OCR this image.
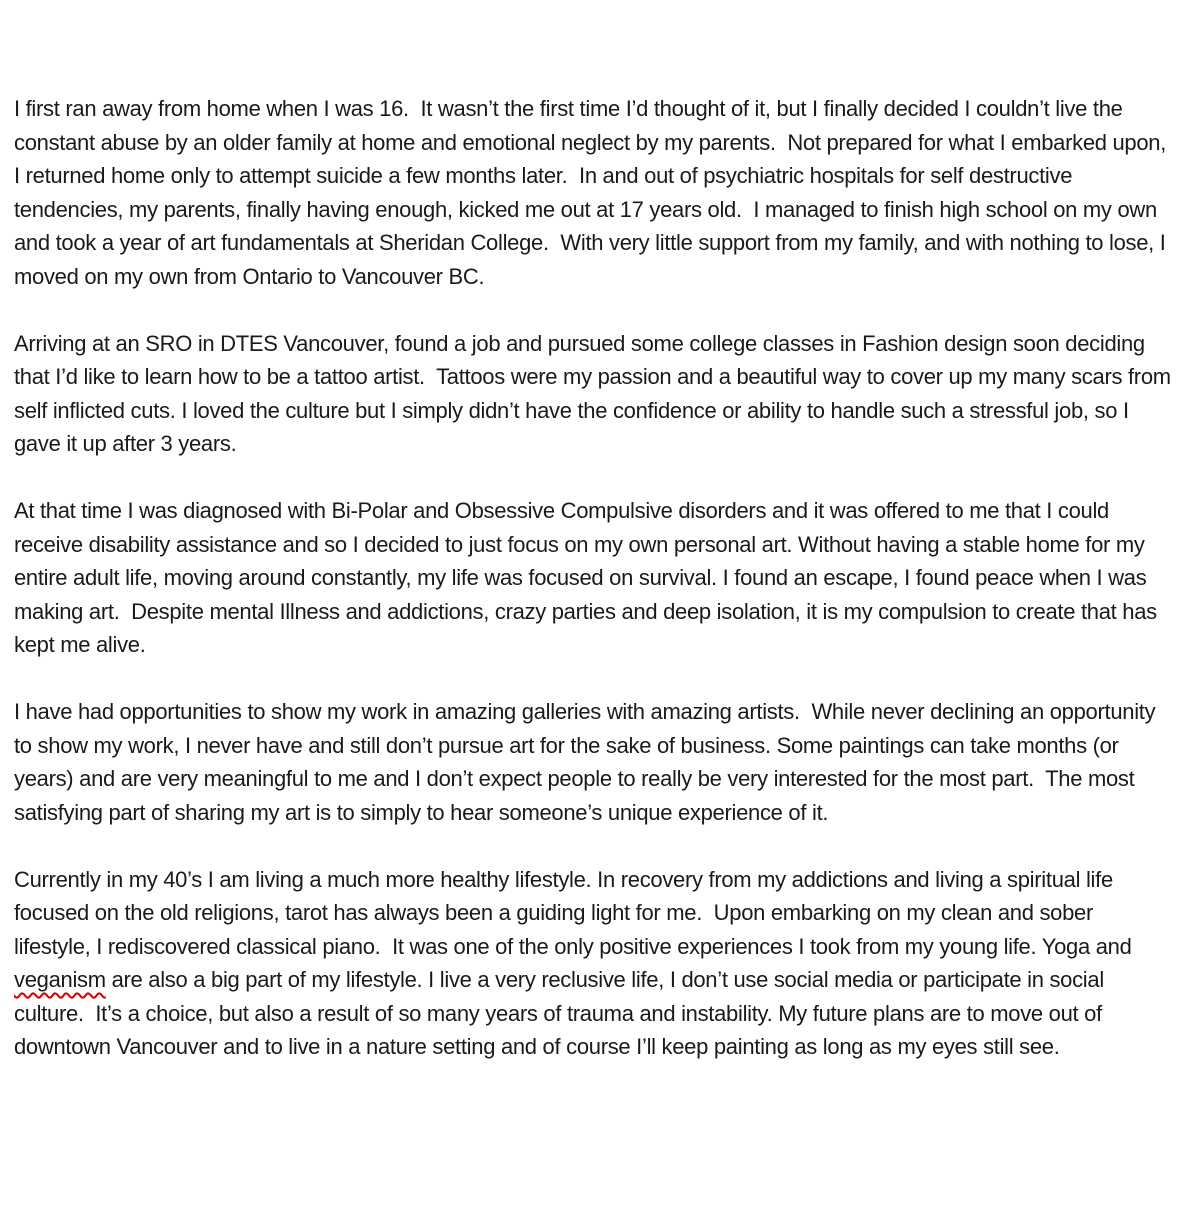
I first ran away from home when I was 16.  It wasn’t the first time I’d thought of it, but I finally decided I couldn’t live the constant abuse by an older family at home and emotional neglect by my parents.  Not prepared for what I embarked upon, I returned home only to attempt suicide a few months later.  In and out of psychiatric hospitals for self destructive tendencies, my parents, finally having enough, kicked me out at 17 years old.  I managed to finish high school on my own and took a year of art fundamentals at Sheridan College.  With very little support from my family, and with nothing to lose, I moved on my own from Ontario to Vancouver BC.

Arriving at an SRO in DTES Vancouver, found a job and pursued some college classes in Fashion design soon deciding that I’d like to learn how to be a tattoo artist.  Tattoos were my passion and a beautiful way to cover up my many scars from self inflicted cuts. I loved the culture but I simply didn’t have the confidence or ability to handle such a stressful job, so I  gave it up after 3 years.

At that time I was diagnosed with Bi-Polar and Obsessive Compulsive disorders and it was offered to me that I could receive disability assistance and so I decided to just focus on my own personal art. Without having a stable home for my entire adult life, moving around constantly, my life was focused on survival. I found an escape, I found peace when I was making art.  Despite mental Illness and addictions, crazy parties and deep isolation, it is my compulsion to create that has kept me alive.

I have had opportunities to show my work in amazing galleries with amazing artists.  While never declining an opportunity to show my work, I never have and still don’t pursue art for the sake of business. Some paintings can take months (or years) and are very meaningful to me and I don’t expect people to really be very interested for the most part.  The most satisfying part of sharing my art is to simply to hear someone’s unique experience of it.

Currently in my 40’s I am living a much more healthy lifestyle. In recovery from my addictions and living a spiritual life focused on the old religions, tarot has always been a guiding light for me.  Upon embarking on my clean and sober lifestyle, I rediscovered classical piano.  It was one of the only positive experiences I took from my young life. Yoga and veganism are also a big part of my lifestyle. I live a very reclusive life, I don’t use social media or participate in social culture.  It’s a choice, but also a result of so many years of trauma and instability. My future plans are to move out of downtown Vancouver and to live in a nature setting and of course I’ll keep painting as long as my eyes still see.
